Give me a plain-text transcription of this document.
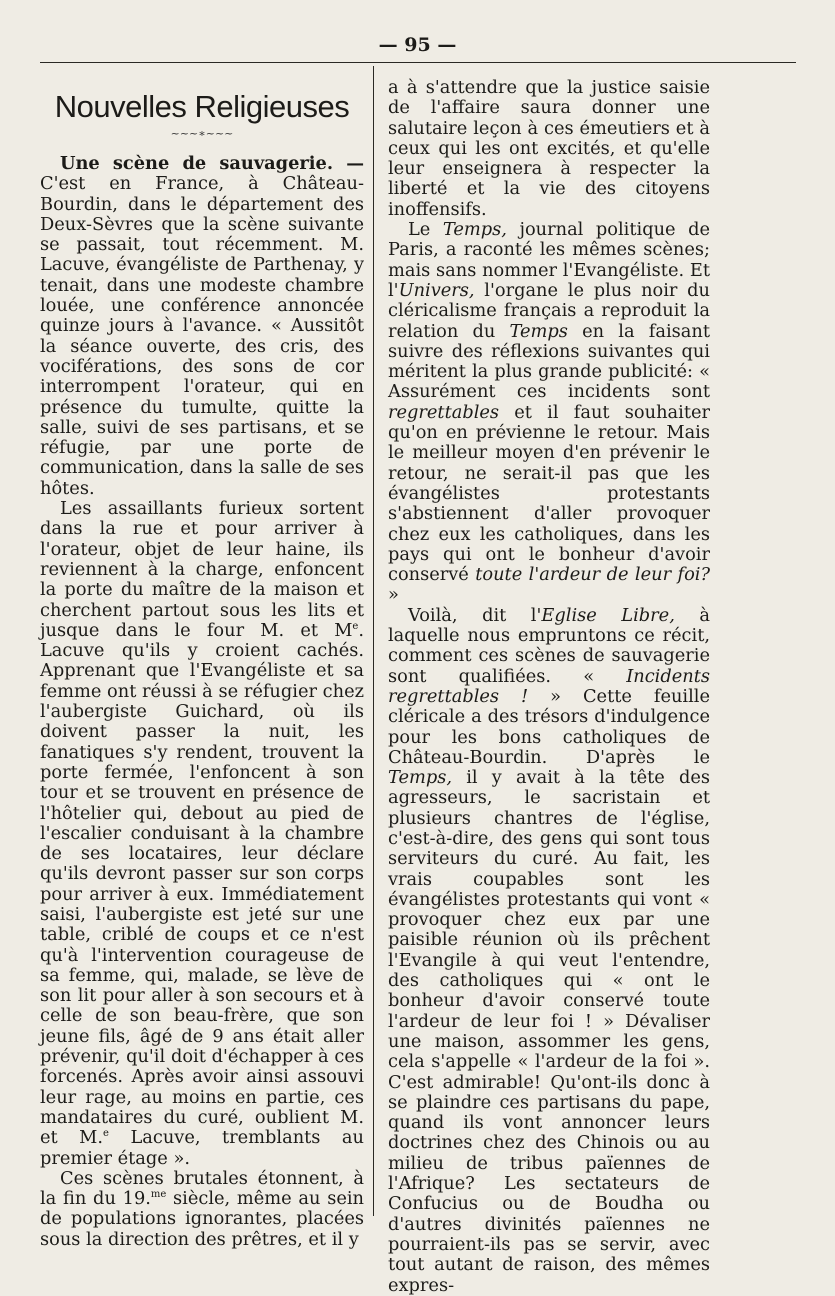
— 95 —
Nouvelles Religieuses
~~~∗~~~

Une scène de sauvagerie. — C'est en France, à Château-Bourdin, dans le département des Deux-Sèvres que la scène suivante se passait, tout récemment. M. Lacuve, évangéliste de Parthenay, y tenait, dans une modeste chambre louée, une conférence annoncée quinze jours à l'avance. « Aussitôt la séance ouverte, des cris, des vociférations, des sons de cor interrompent l'orateur, qui en présence du tumulte, quitte la salle, suivi de ses partisans, et se réfugie, par une porte de communication, dans la salle de ses hôtes.

Les assaillants furieux sortent dans la rue et pour arriver à l'orateur, objet de leur haine, ils reviennent à la charge, enfoncent la porte du maître de la maison et cherchent partout sous les lits et jusque dans le four M. et Me. Lacuve qu'ils y croient cachés. Apprenant que l'Evangéliste et sa femme ont réussi à se réfugier chez l'aubergiste Guichard, où ils doivent passer la nuit, les fanatiques s'y rendent, trouvent la porte fermée, l'enfoncent à son tour et se trouvent en présence de l'hôtelier qui, debout au pied de l'escalier conduisant à la chambre de ses locataires, leur déclare qu'ils devront passer sur son corps pour arriver à eux. Immédiatement saisi, l'aubergiste est jeté sur une table, criblé de coups et ce n'est qu'à l'intervention courageuse de sa femme, qui, malade, se lève de son lit pour aller à son secours et à celle de son beau-frère, que son jeune fils, âgé de 9 ans était aller prévenir, qu'il doit d'échapper à ces forcenés. Après avoir ainsi assouvi leur rage, au moins en partie, ces mandataires du curé, oublient M. et M.$^e$ Lacuve, tremblants au premier étage ».

Ces scènes brutales étonnent, à la fin du 19.$^{me}$ siècle, même au sein de populations ignorantes, placées sous la direction des prêtres, et il y

a à s'attendre que la justice saisie de l'affaire saura donner une salutaire leçon à ces émeutiers et à ceux qui les ont excités, et qu'elle leur enseignera à respecter la liberté et la vie des citoyens inoffensifs.

Le Temps, journal politique de Paris, a raconté les mêmes scènes; mais sans nommer l'Evangéliste. Et l'Univers, l'organe le plus noir du cléricalisme français a reproduit la relation du Temps en la faisant suivre des réflexions suivantes qui méritent la plus grande publicité: « Assurément ces incidents sont regrettables et il faut souhaiter qu'on en prévienne le retour. Mais le meilleur moyen d'en prévenir le retour, ne serait-il pas que les évangélistes protestants s'abstiennent d'aller provoquer chez eux les catholiques, dans les pays qui ont le bonheur d'avoir conservé toute l'ardeur de leur foi? »

Voilà, dit l'Eglise Libre, à laquelle nous empruntons ce récit, comment ces scènes de sauvagerie sont qualifiées. « Incidents regrettables ! » Cette feuille cléricale a des trésors d'indulgence pour les bons catholiques de Château-Bourdin. D'après le Temps, il y avait à la tête des agresseurs, le sacristain et plusieurs chantres de l'église, c'est-à-dire, des gens qui sont tous serviteurs du curé. Au fait, les vrais coupables sont les évangélistes protestants qui vont « provoquer chez eux par une paisible réunion où ils prêchent l'Evangile à qui veut l'entendre, des catholiques qui « ont le bonheur d'avoir conservé toute l'ardeur de leur foi ! » Dévaliser une maison, assommer les gens, cela s'appelle « l'ardeur de la foi ». C'est admirable! Qu'ont-ils donc à se plaindre ces partisans du pape, quand ils vont annoncer leurs doctrines chez des Chinois ou au milieu de tribus païennes de l'Afrique? Les sectateurs de Confucius ou de Boudha ou d'autres divinités païennes ne pourraient-ils pas se servir, avec tout autant de raison, des mêmes expres-
